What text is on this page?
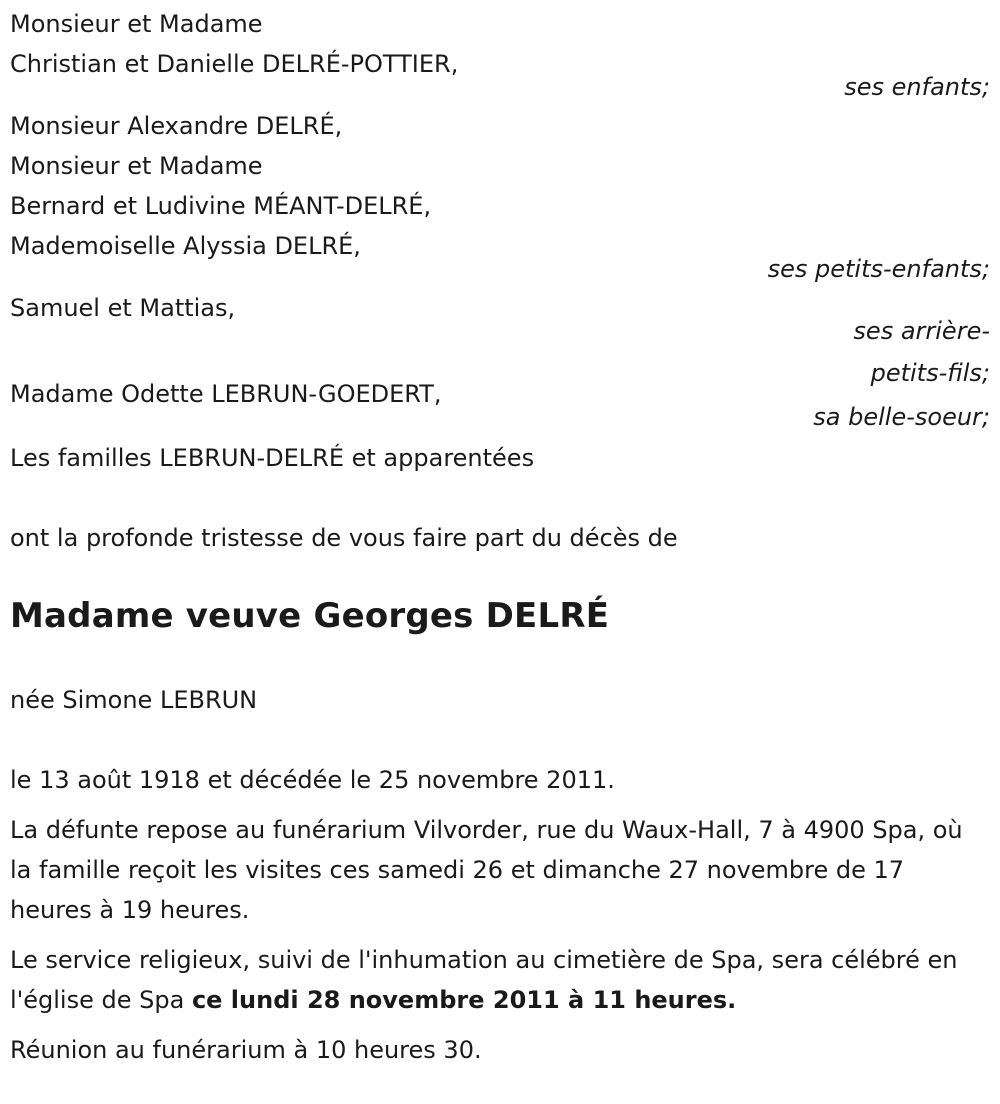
Monsieur et Madame
Christian et Danielle DELRÉ-POTTIER,
ses enfants;
Monsieur Alexandre DELRÉ,
Monsieur et Madame
Bernard et Ludivine MÉANT-DELRÉ,
Mademoiselle Alyssia DELRÉ,
ses petits-enfants;
Samuel et Mattias,
ses arrière-
petits-fils;
Madame Odette LEBRUN-GOEDERT,
sa belle-soeur;
Les familles LEBRUN-DELRÉ et apparentées
ont la profonde tristesse de vous faire part du décès de
Madame veuve Georges DELRÉ
née Simone LEBRUN
le 13 août 1918 et décédée le 25 novembre 2011.
La défunte repose au funérarium Vilvorder, rue du Waux-Hall, 7 à 4900 Spa, où la famille reçoit les visites ces samedi 26 et dimanche 27 novembre de 17 heures à 19 heures.
Le service religieux, suivi de l'inhumation au cimetière de Spa, sera célébré en l'église de Spa ce lundi 28 novembre 2011 à 11 heures.
Réunion au funérarium à 10 heures 30.
